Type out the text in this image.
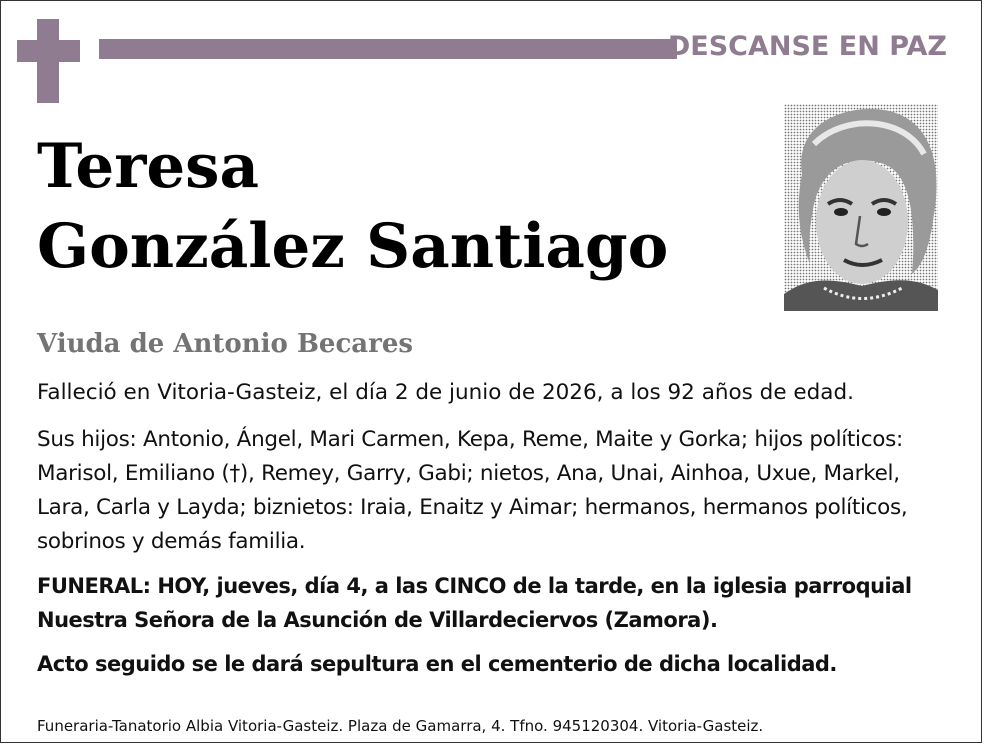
DESCANSE EN PAZ
Teresa
González Santiago
Viuda de Antonio Becares
Falleció en Vitoria-Gasteiz, el día 2 de junio de 2026, a los 92 años de edad.
Sus hijos: Antonio, Ángel, Mari Carmen, Kepa, Reme, Maite y Gorka; hijos políticos: Marisol, Emiliano (†), Remey, Garry, Gabi; nietos, Ana, Unai, Ainhoa, Uxue, Markel, Lara, Carla y Layda; biznietos: Iraia, Enaitz y Aimar; hermanos, hermanos políticos, sobrinos y demás familia.
FUNERAL: HOY, jueves, día 4, a las CINCO de la tarde, en la iglesia parroquial Nuestra Señora de la Asunción de Villardeciervos (Zamora).
Acto seguido se le dará sepultura en el cementerio de dicha localidad.
Funeraria-Tanatorio Albia Vitoria-Gasteiz. Plaza de Gamarra, 4. Tfno. 945120304. Vitoria-Gasteiz.
